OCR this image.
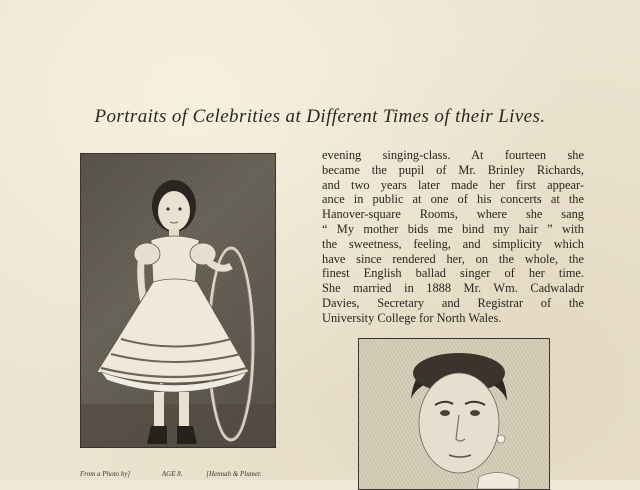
Portraits of Celebrities at Different Times of their Lives.
From a Photo by]	AGE 8.	[Hennah & Plumer.
evening singing-class. At fourteen she
became the pupil of Mr. Brinley Richards,
and two years later made her first appear-
ance in public at one of his concerts at the
Hanover-square Rooms, where she sang
“ My mother bids me bind my hair ” with
the sweetness, feeling, and simplicity which
have since rendered her, on the whole, the
finest English ballad singer of her time.
She married in 1888 Mr. Wm. Cadwaladr
Davies, Secretary and Registrar of the
University College for North Wales.
